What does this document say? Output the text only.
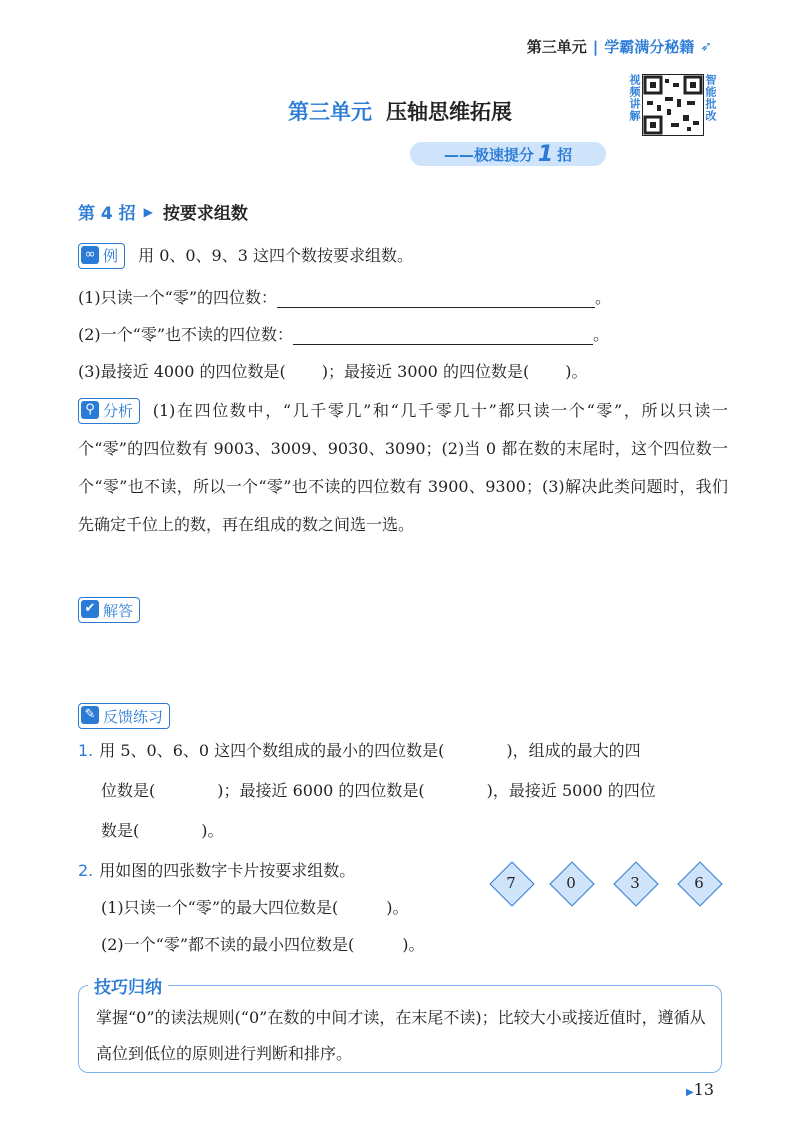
第三单元 | 学霸满分秘籍 ➶
视频讲解	智能批改
第三单元 压轴思维拓展
——极速提分 1 招
第 4 招 ▶ 按要求组数
∞ 例 用 0、0、9、3 这四个数按要求组数。
(1)只读一个“零”的四位数：	。
(2)一个“零”也不读的四位数：	。
(3)最接近 4000 的四位数是( )；最接近 3000 的四位数是( )。
⚲ 分析 (1)在四位数中，“几千零几”和“几千零几十”都只读一个“零”，所以只读一个“零”的四位数有 9003、3009、9030、3090；(2)当 0 都在数的末尾时，这个四位数一个“零”也不读，所以一个“零”也不读的四位数有 3900、9300；(3)解决此类问题时，我们先确定千位上的数，再在组成的数之间选一选。
✔ 解答
✎ 反馈练习
1. 用 5、0、6、0 这四个数组成的最小的四位数是(	)，组成的最大的四
位数是(	)；最接近 6000 的四位数是(	)，最接近 5000 的四位
数是(	)。
2. 用如图的四张数字卡片按要求组数。
(1)只读一个“零”的最大四位数是(	)。
(2)一个“零”都不读的最小四位数是(	)。
7	0	3	6
技巧归纳
掌握“0”的读法规则(“0”在数的中间才读，在末尾不读)；比较大小或接近值时，遵循从高位到低位的原则进行判断和排序。
▶13
